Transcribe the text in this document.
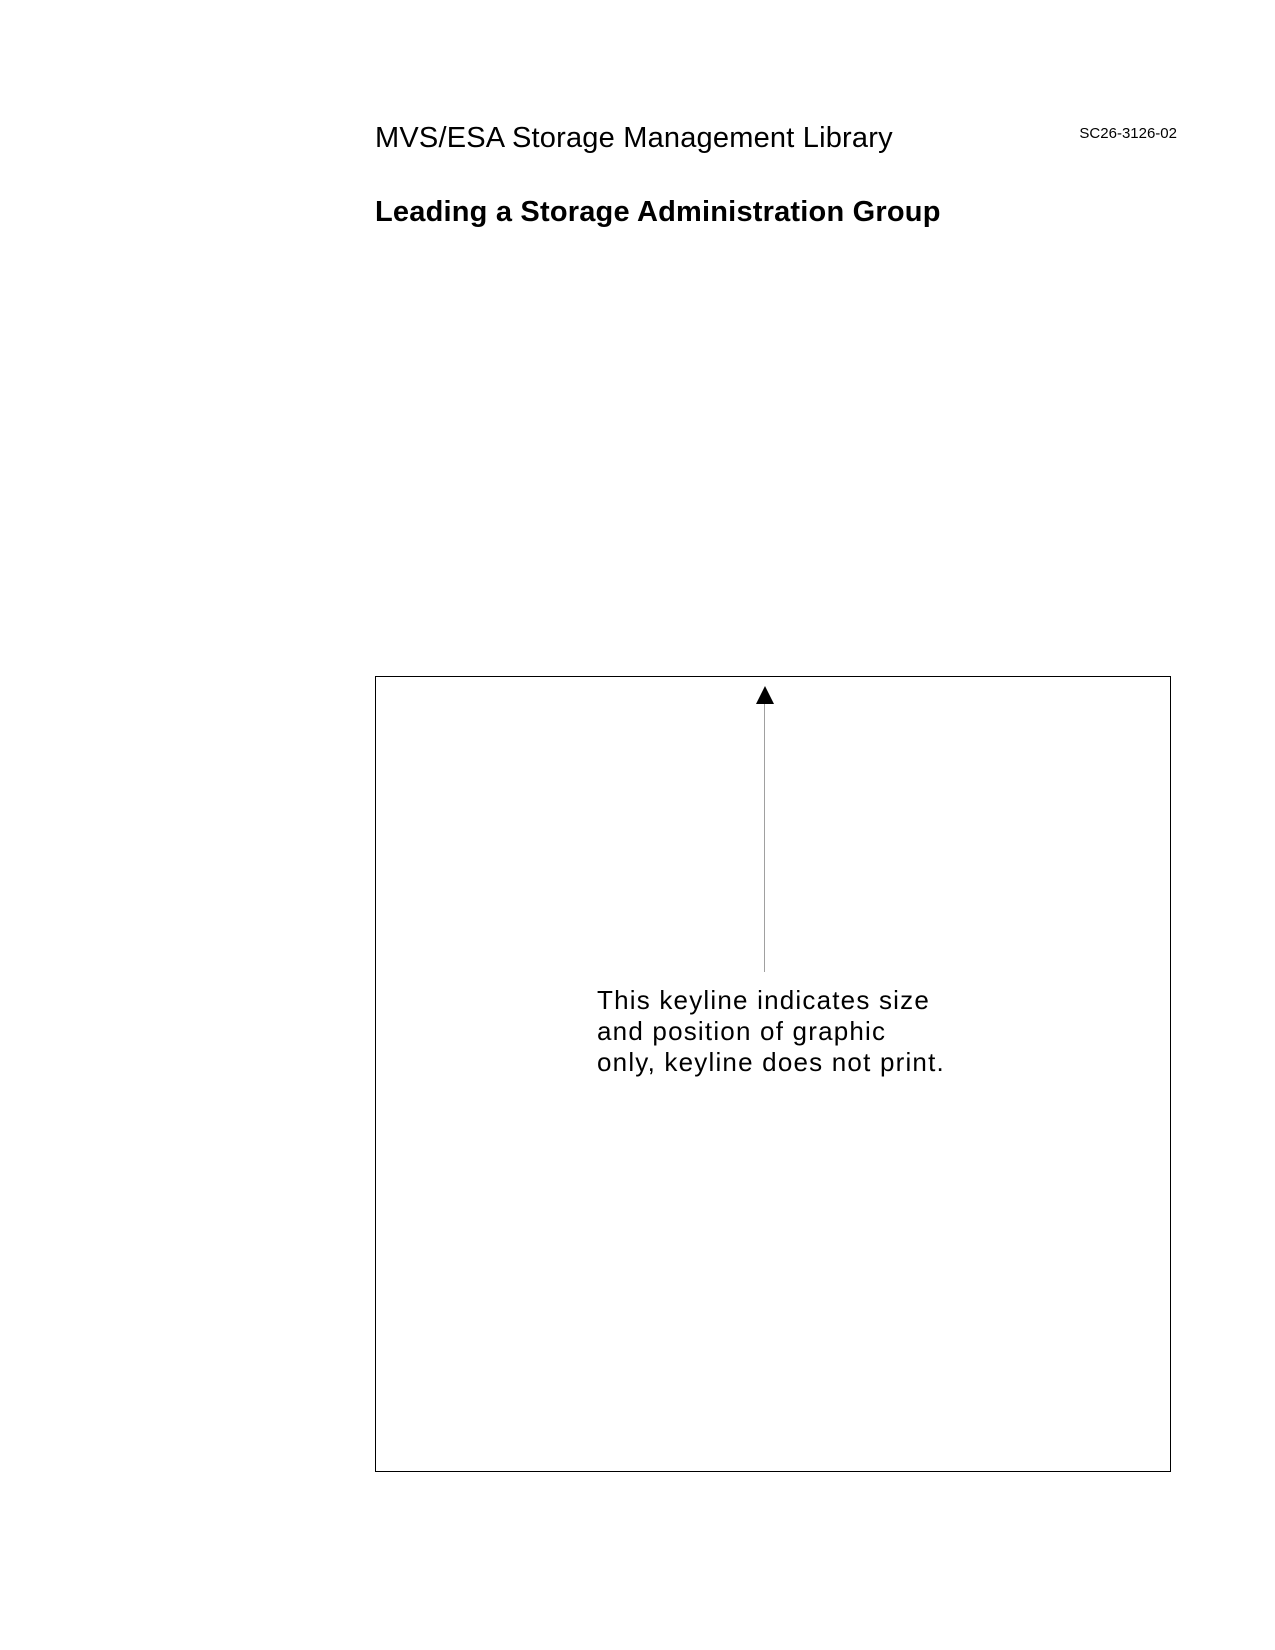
MVS/ESA Storage Management Library	SC26-3126-02
Leading a Storage Administration Group
This keyline indicates size
and position of graphic
only, keyline does not print.
